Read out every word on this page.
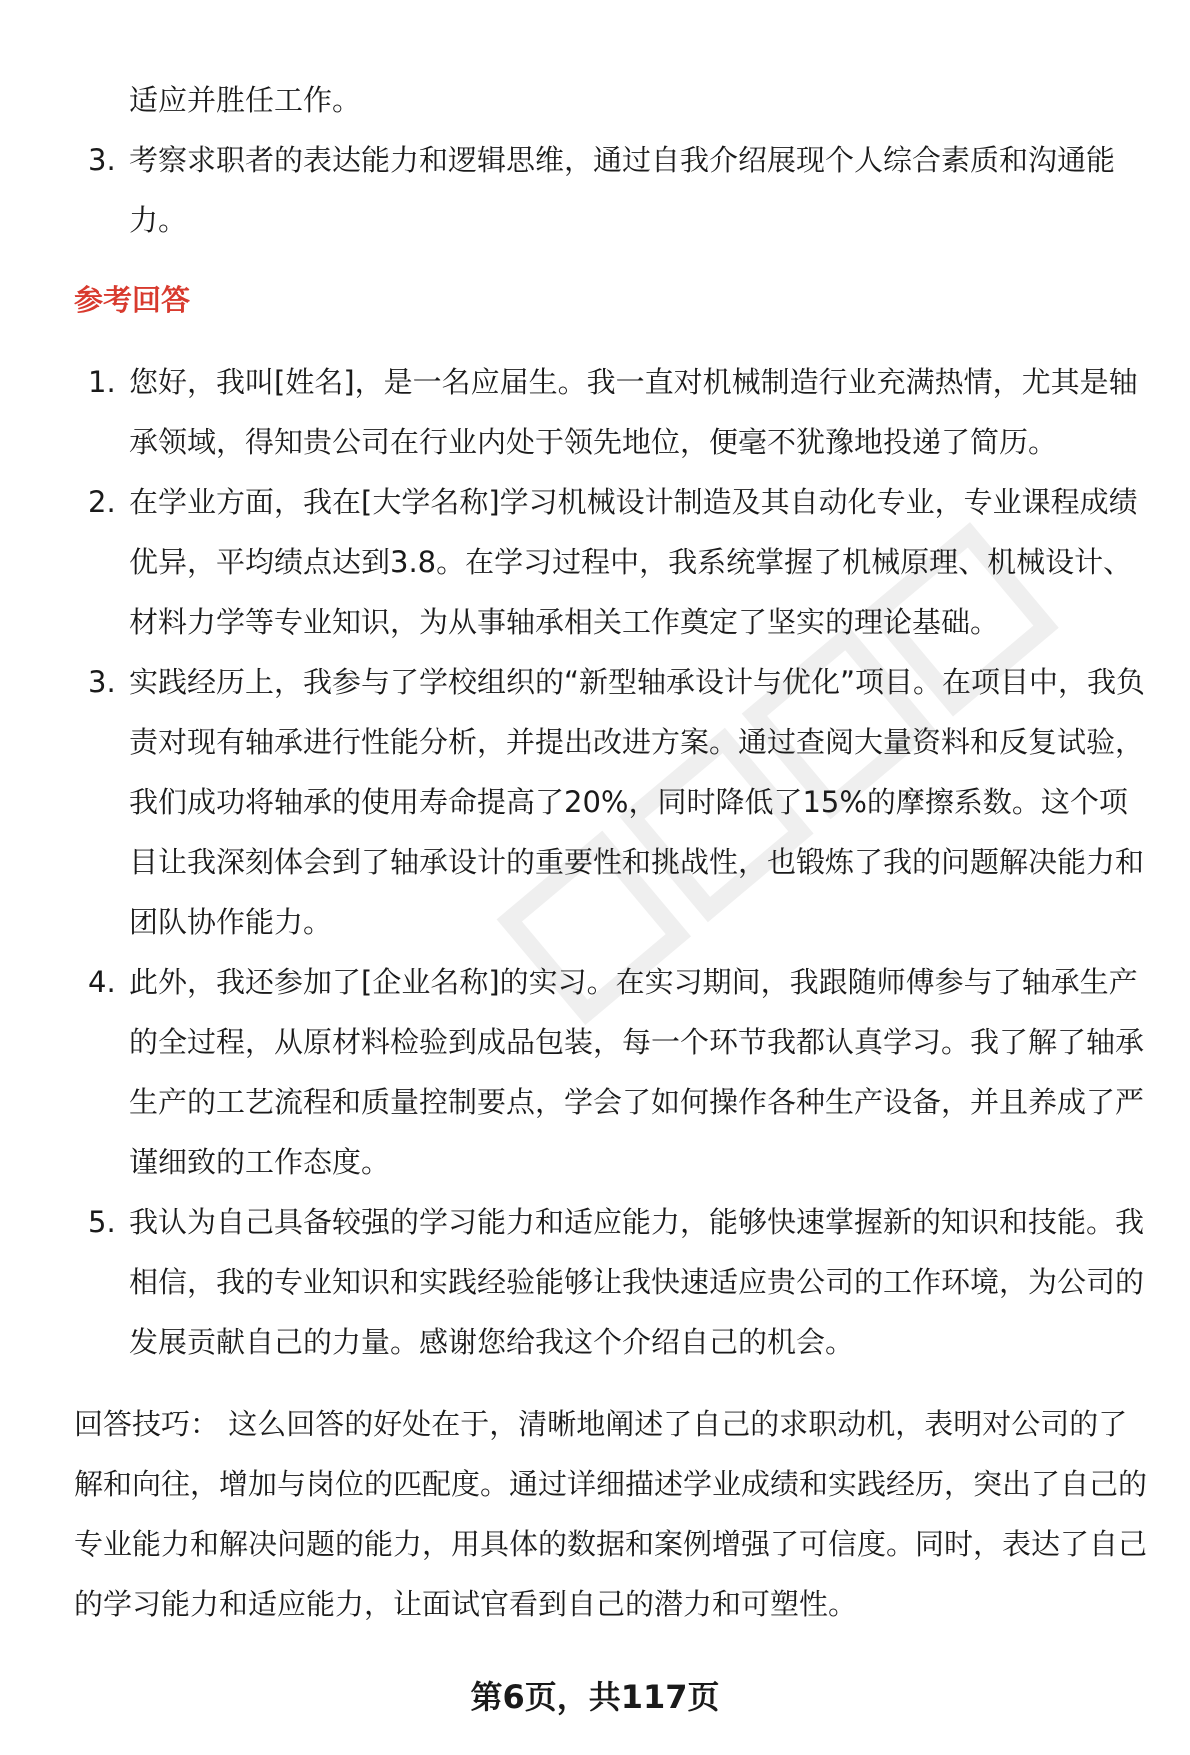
适应并胜任工作。

3. 考察求职者的表达能力和逻辑思维，通过自我介绍展现个人综合素质和沟通能力。
参考回答
1. 您好，我叫[姓名]，是一名应届生。我一直对机械制造行业充满热情，尤其是轴承领域，得知贵公司在行业内处于领先地位，便毫不犹豫地投递了简历。
2. 在学业方面，我在[大学名称]学习机械设计制造及其自动化专业，专业课程成绩优异，平均绩点达到3.8。在学习过程中，我系统掌握了机械原理、机械设计、材料力学等专业知识，为从事轴承相关工作奠定了坚实的理论基础。
3. 实践经历上，我参与了学校组织的“新型轴承设计与优化”项目。在项目中，我负责对现有轴承进行性能分析，并提出改进方案。通过查阅大量资料和反复试验，我们成功将轴承的使用寿命提高了20%，同时降低了15%的摩擦系数。这个项目让我深刻体会到了轴承设计的重要性和挑战性，也锻炼了我的问题解决能力和团队协作能力。
4. 此外，我还参加了[企业名称]的实习。在实习期间，我跟随师傅参与了轴承生产的全过程，从原材料检验到成品包装，每一个环节我都认真学习。我了解了轴承生产的工艺流程和质量控制要点，学会了如何操作各种生产设备，并且养成了严谨细致的工作态度。
5. 我认为自己具备较强的学习能力和适应能力，能够快速掌握新的知识和技能。我相信，我的专业知识和实践经验能够让我快速适应贵公司的工作环境，为公司的发展贡献自己的力量。感谢您给我这个介绍自己的机会。

回答技巧： 这么回答的好处在于，清晰地阐述了自己的求职动机，表明对公司的了解和向往，增加与岗位的匹配度。通过详细描述学业成绩和实践经历，突出了自己的专业能力和解决问题的能力，用具体的数据和案例增强了可信度。同时，表达了自己的学习能力和适应能力，让面试官看到自己的潜力和可塑性。

第6页，共117页
